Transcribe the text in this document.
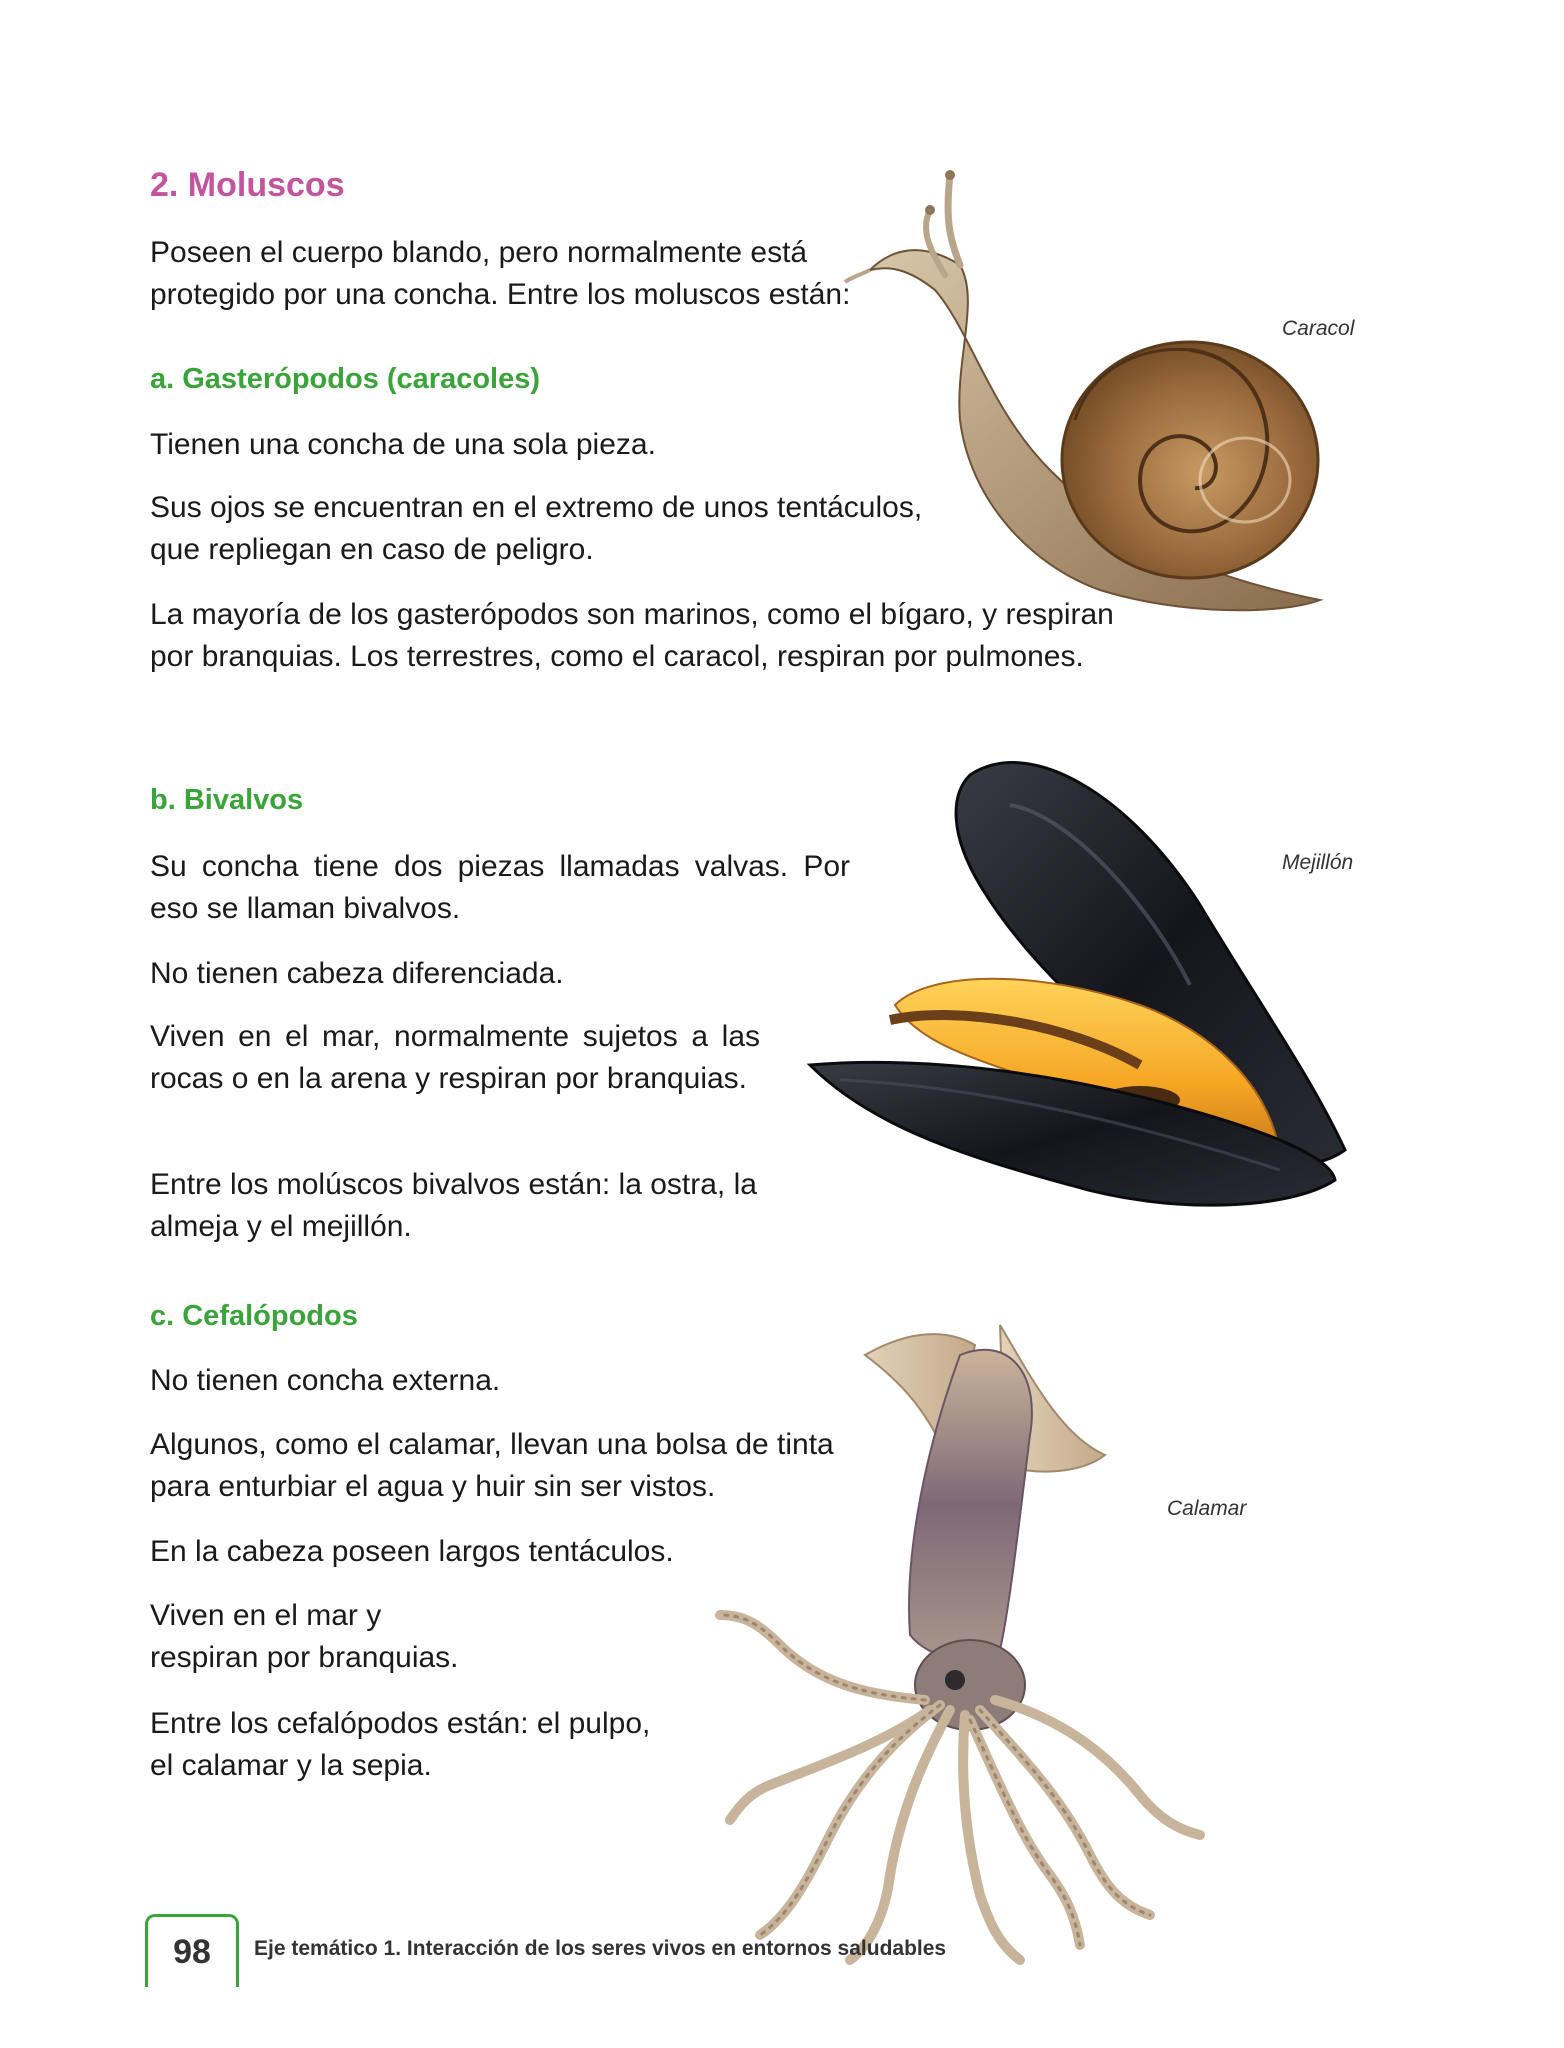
2. Moluscos

Poseen el cuerpo blando, pero normalmente está protegido por una concha. Entre los moluscos están:

a. Gasterópodos (caracoles)

Tienen una concha de una sola pieza.

Sus ojos se encuentran en el extremo de unos tentáculos, que repliegan en caso de peligro.

La mayoría de los gasterópodos son marinos, como el bígaro, y respiran por branquias. Los terrestres, como el caracol, respiran por pulmones.

Caracol
b. Bivalvos

Su concha tiene dos piezas llamadas valvas. Por eso se llaman bivalvos.

No tienen cabeza diferenciada.

Viven en el mar, normalmente sujetos a las rocas o en la arena y respiran por branquias.

Entre los molúscos bivalvos están: la ostra, la almeja y el mejillón.

Mejillón
c. Cefalópodos

No tienen concha externa.

Algunos, como el calamar, llevan una bolsa de tinta para enturbiar el agua y huir sin ser vistos.

En la cabeza poseen largos tentáculos.

Viven en el mar y respiran por branquias.

Entre los cefalópodos están: el pulpo, el calamar y la sepia.

Calamar
98	Eje temático 1. Interacción de los seres vivos en entornos saludables
